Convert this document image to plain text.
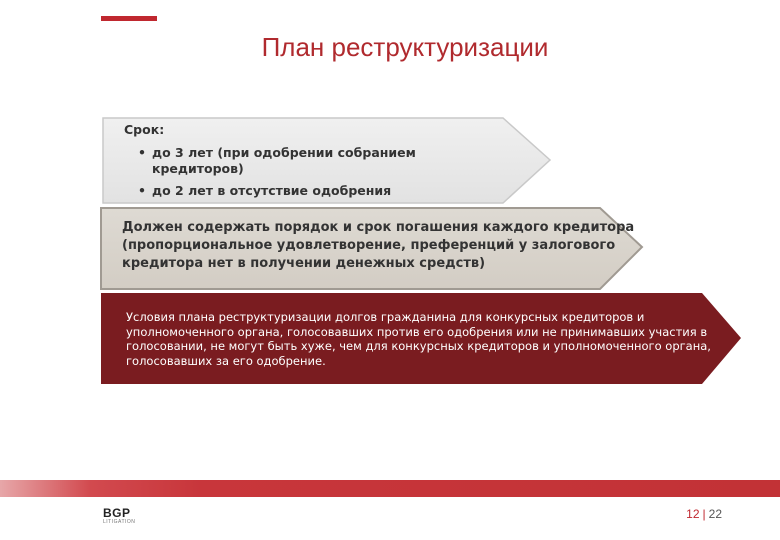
План реструктуризации
Срок:
• до 3 лет (при одобрении собранием кредиторов)
• до 2 лет в отсутствие одобрения
Должен содержать порядок и срок погашения каждого кредитора (пропорциональное удовлетворение, преференций у залогового кредитора нет в получении денежных средств)
Условия плана реструктуризации долгов гражданина для конкурсных кредиторов и уполномоченного органа, голосовавших против его одобрения или не принимавших участия в голосовании, не могут быть хуже, чем для конкурсных кредиторов и уполномоченного органа, голосовавших за его одобрение.
BGP
LITIGATION
12 | 22
